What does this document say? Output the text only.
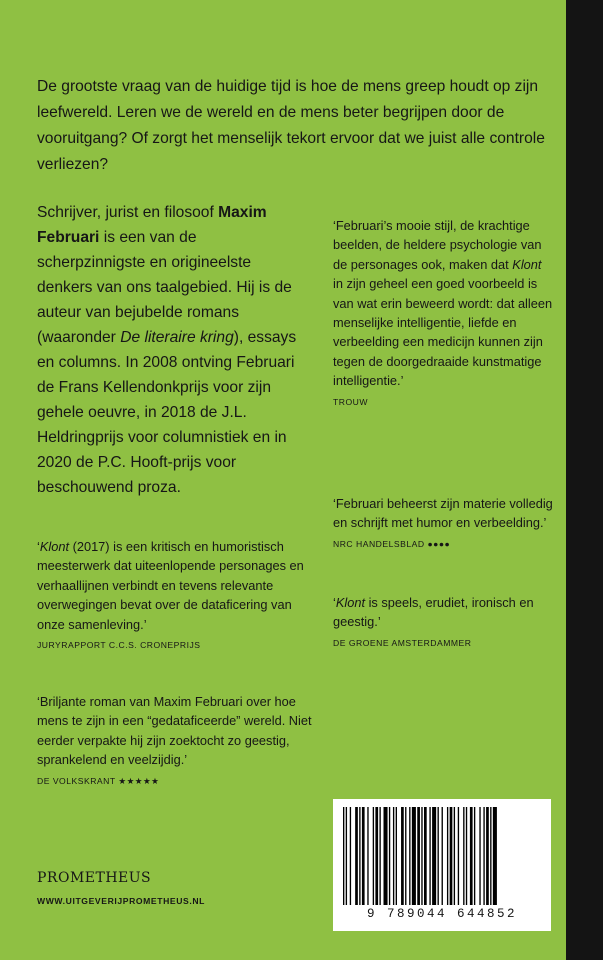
De grootste vraag van de huidige tijd is hoe de mens greep houdt op zijn leefwereld. Leren we de wereld en de mens beter begrijpen door de vooruitgang? Of zorgt het menselijk tekort ervoor dat we juist alle controle verliezen?

Schrijver, jurist en filosoof Maxim Februari is een van de scherpzinnigste en origineelste denkers van ons taalgebied. Hij is de auteur van bejubelde romans (waaronder De literaire kring), essays en columns. In 2008 ontving Februari de Frans Kellendonkprijs voor zijn gehele oeuvre, in 2018 de J.L. Heldringprijs voor columnistiek en in 2020 de P.C. Hooft-prijs voor beschouwend proza.

‘Klont (2017) is een kritisch en humoristisch meesterwerk dat uiteenlopende personages en verhaallijnen verbindt en tevens relevante overwegingen bevat over de dataficering van onze samenleving.’
JURYRAPPORT C.C.S. CRONEPRIJS

‘Briljante roman van Maxim Februari over hoe mens te zijn in een “gedataficeerde” wereld. Niet eerder verpakte hij zijn zoektocht zo geestig, sprankelend en veelzijdig.’
DE VOLKSKRANT ★★★★★

‘Februari’s mooie stijl, de krachtige beelden, de heldere psychologie van de personages ook, maken dat Klont in zijn geheel een goed voorbeeld is van wat erin beweerd wordt: dat alleen menselijke intelligentie, liefde en verbeelding een medicijn kunnen zijn tegen de doorgedraaide kunstmatige intelligentie.’
TROUW

‘Februari beheerst zijn materie volledig en schrijft met humor en verbeelding.’
NRC HANDELSBLAD ●●●●

‘Klont is speels, erudiet, ironisch en geestig.’
DE GROENE AMSTERDAMMER

PROMETHEUS

WWW.UITGEVERIJPROMETHEUS.NL

9 789044 644852
